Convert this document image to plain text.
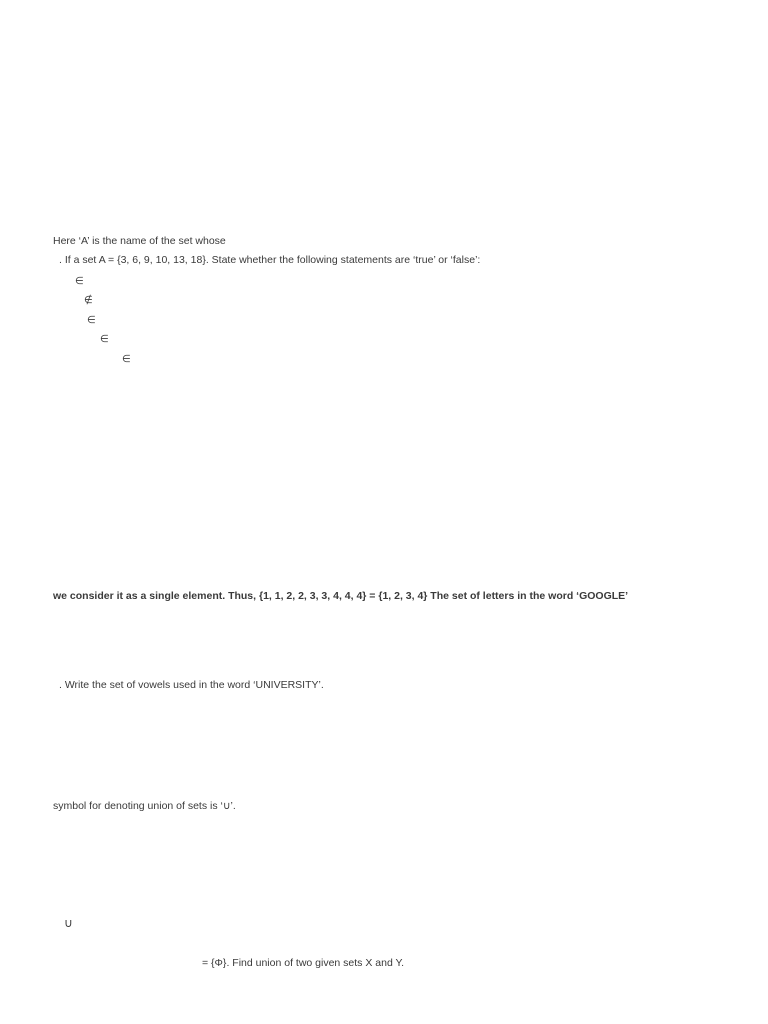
Here ‘A’ is the name of the set whose
. If a set A = {3, 6, 9, 10, 13, 18}. State whether the following statements are ‘true’ or ‘false’:
∈
∉
∈
∈
∈
we consider it as a single element. Thus, {1, 1, 2, 2, 3, 3, 4, 4, 4} = {1, 2, 3, 4} The set of letters in the word ‘GOOGLE’
. Write the set of vowels used in the word ‘UNIVERSITY’.
symbol for denoting union of sets is ‘∪’.
∪
= {Φ}. Find union of two given sets X and Y.
